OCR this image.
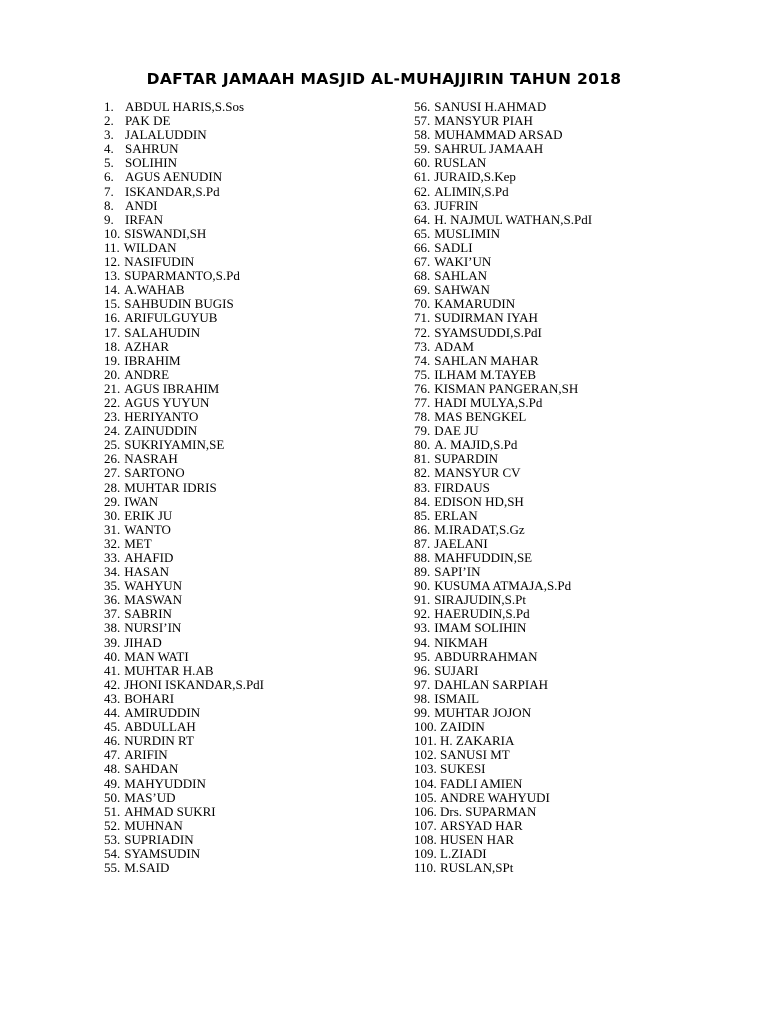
DAFTAR JAMAAH MASJID AL-MUHAJJIRIN TAHUN 2018
1. ABDUL HARIS,S.Sos
2. PAK DE
3. JALALUDDIN
4. SAHRUN
5. SOLIHIN
6. AGUS AENUDIN
7. ISKANDAR,S.Pd
8. ANDI
9. IRFAN
10. SISWANDI,SH
11. WILDAN
12. NASIFUDIN
13. SUPARMANTO,S.Pd
14. A.WAHAB
15. SAHBUDIN BUGIS
16. ARIFULGUYUB
17. SALAHUDIN
18. AZHAR
19. IBRAHIM
20. ANDRE
21. AGUS IBRAHIM
22. AGUS YUYUN
23. HERIYANTO
24. ZAINUDDIN
25. SUKRIYAMIN,SE
26. NASRAH
27. SARTONO
28. MUHTAR IDRIS
29. IWAN
30. ERIK JU
31. WANTO
32. MET
33. AHAFID
34. HASAN
35. WAHYUN
36. MASWAN
37. SABRIN
38. NURSI’IN
39. JIHAD
40. MAN WATI
41. MUHTAR H.AB
42. JHONI ISKANDAR,S.PdI
43. BOHARI
44. AMIRUDDIN
45. ABDULLAH
46. NURDIN RT
47. ARIFIN
48. SAHDAN
49. MAHYUDDIN
50. MAS’UD
51. AHMAD SUKRI
52. MUHNAN
53. SUPRIADIN
54. SYAMSUDIN
55. M.SAID
56. SANUSI H.AHMAD
57. MANSYUR PIAH
58. MUHAMMAD ARSAD
59. SAHRUL JAMAAH
60. RUSLAN
61. JURAID,S.Kep
62. ALIMIN,S.Pd
63. JUFRIN
64. H. NAJMUL WATHAN,S.PdI
65. MUSLIMIN
66. SADLI
67. WAKI’UN
68. SAHLAN
69. SAHWAN
70. KAMARUDIN
71. SUDIRMAN IYAH
72. SYAMSUDDI,S.PdI
73. ADAM
74. SAHLAN MAHAR
75. ILHAM M.TAYEB
76. KISMAN PANGERAN,SH
77. HADI MULYA,S.Pd
78. MAS BENGKEL
79. DAE JU
80. A. MAJID,S.Pd
81. SUPARDIN
82. MANSYUR CV
83. FIRDAUS
84. EDISON HD,SH
85. ERLAN
86. M.IRADAT,S.Gz
87. JAELANI
88. MAHFUDDIN,SE
89. SAPI’IN
90. KUSUMA ATMAJA,S.Pd
91. SIRAJUDIN,S.Pt
92. HAERUDIN,S.Pd
93. IMAM SOLIHIN
94. NIKMAH
95. ABDURRAHMAN
96. SUJARI
97. DAHLAN SARPIAH
98. ISMAIL
99. MUHTAR JOJON
100. ZAIDIN
101. H. ZAKARIA
102. SANUSI MT
103. SUKESI
104. FADLI AMIEN
105. ANDRE WAHYUDI
106. Drs. SUPARMAN
107. ARSYAD HAR
108. HUSEN HAR
109. L.ZIADI
110. RUSLAN,SPt
